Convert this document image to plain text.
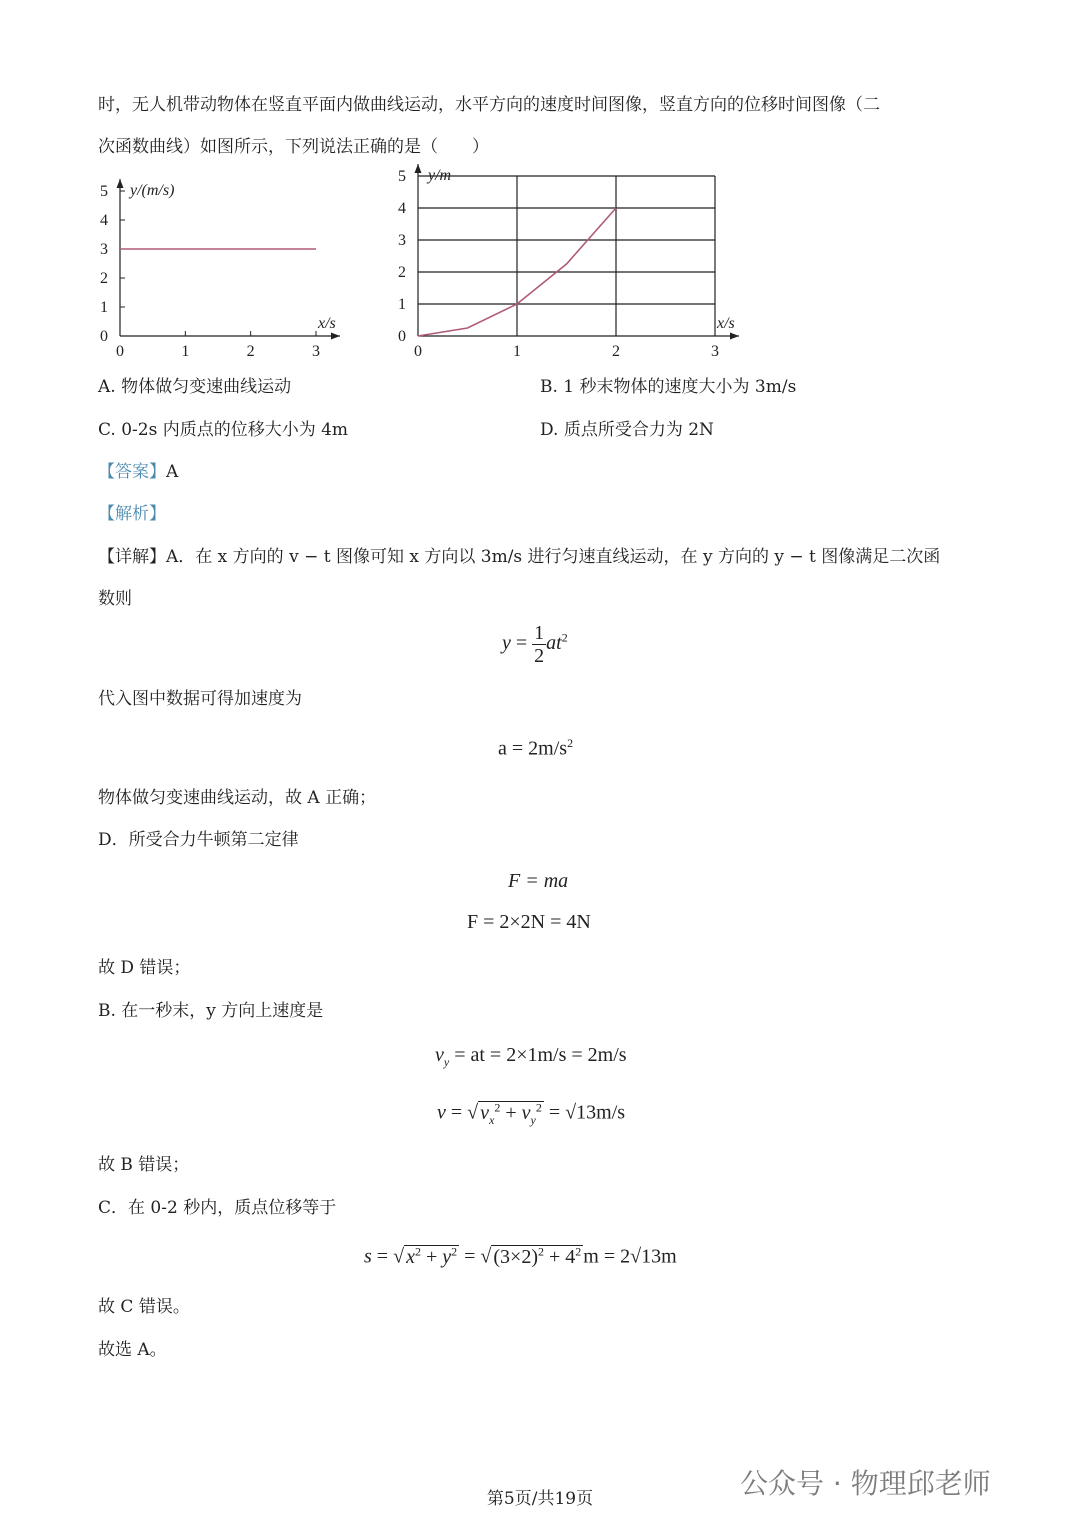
时，无人机带动物体在竖直平面内做曲线运动，水平方向的速度时间图像，竖直方向的位移时间图像（二
次函数曲线）如图所示，下列说法正确的是（　　）
0	1	2	3
0
1
2
3
4
5
x/s
y/(m/s)
0	1	2	3
0
1
2
3
4
5
x/s
y/m
A. 物体做匀变速曲线运动	B. 1 秒末物体的速度大小为 3m/s
C. 0-2s 内质点的位移大小为 4m	D. 质点所受合力为 2N
【答案】A
【解析】
【详解】A．在 x 方向的 v − t 图像可知 x 方向以 3m/s 进行匀速直线运动，在 y 方向的 y − t 图像满足二次函
数则
$y = \frac{1}{2} at^2$
代入图中数据可得加速度为
$a = 2m/s^2$
物体做匀变速曲线运动，故 A 正确；
D．所受合力牛顿第二定律
F = ma
F = 2×2N = 4N
故 D 错误；
B. 在一秒末，y 方向上速度是
$v_y$ = at = 2×1m/s = 2m/s
v = √ $v_x^2 + v_y^2 = √13m/s$
故 B 错误；
C．在 0-2 秒内，质点位移等于
s = √ $x^2 + y^2$ = √ $(3\times 2)^2 + 4^2$ m = 2√13m
故 C 错误。
故选 A。
第5页/共19页	公众号 · 物理邱老师
